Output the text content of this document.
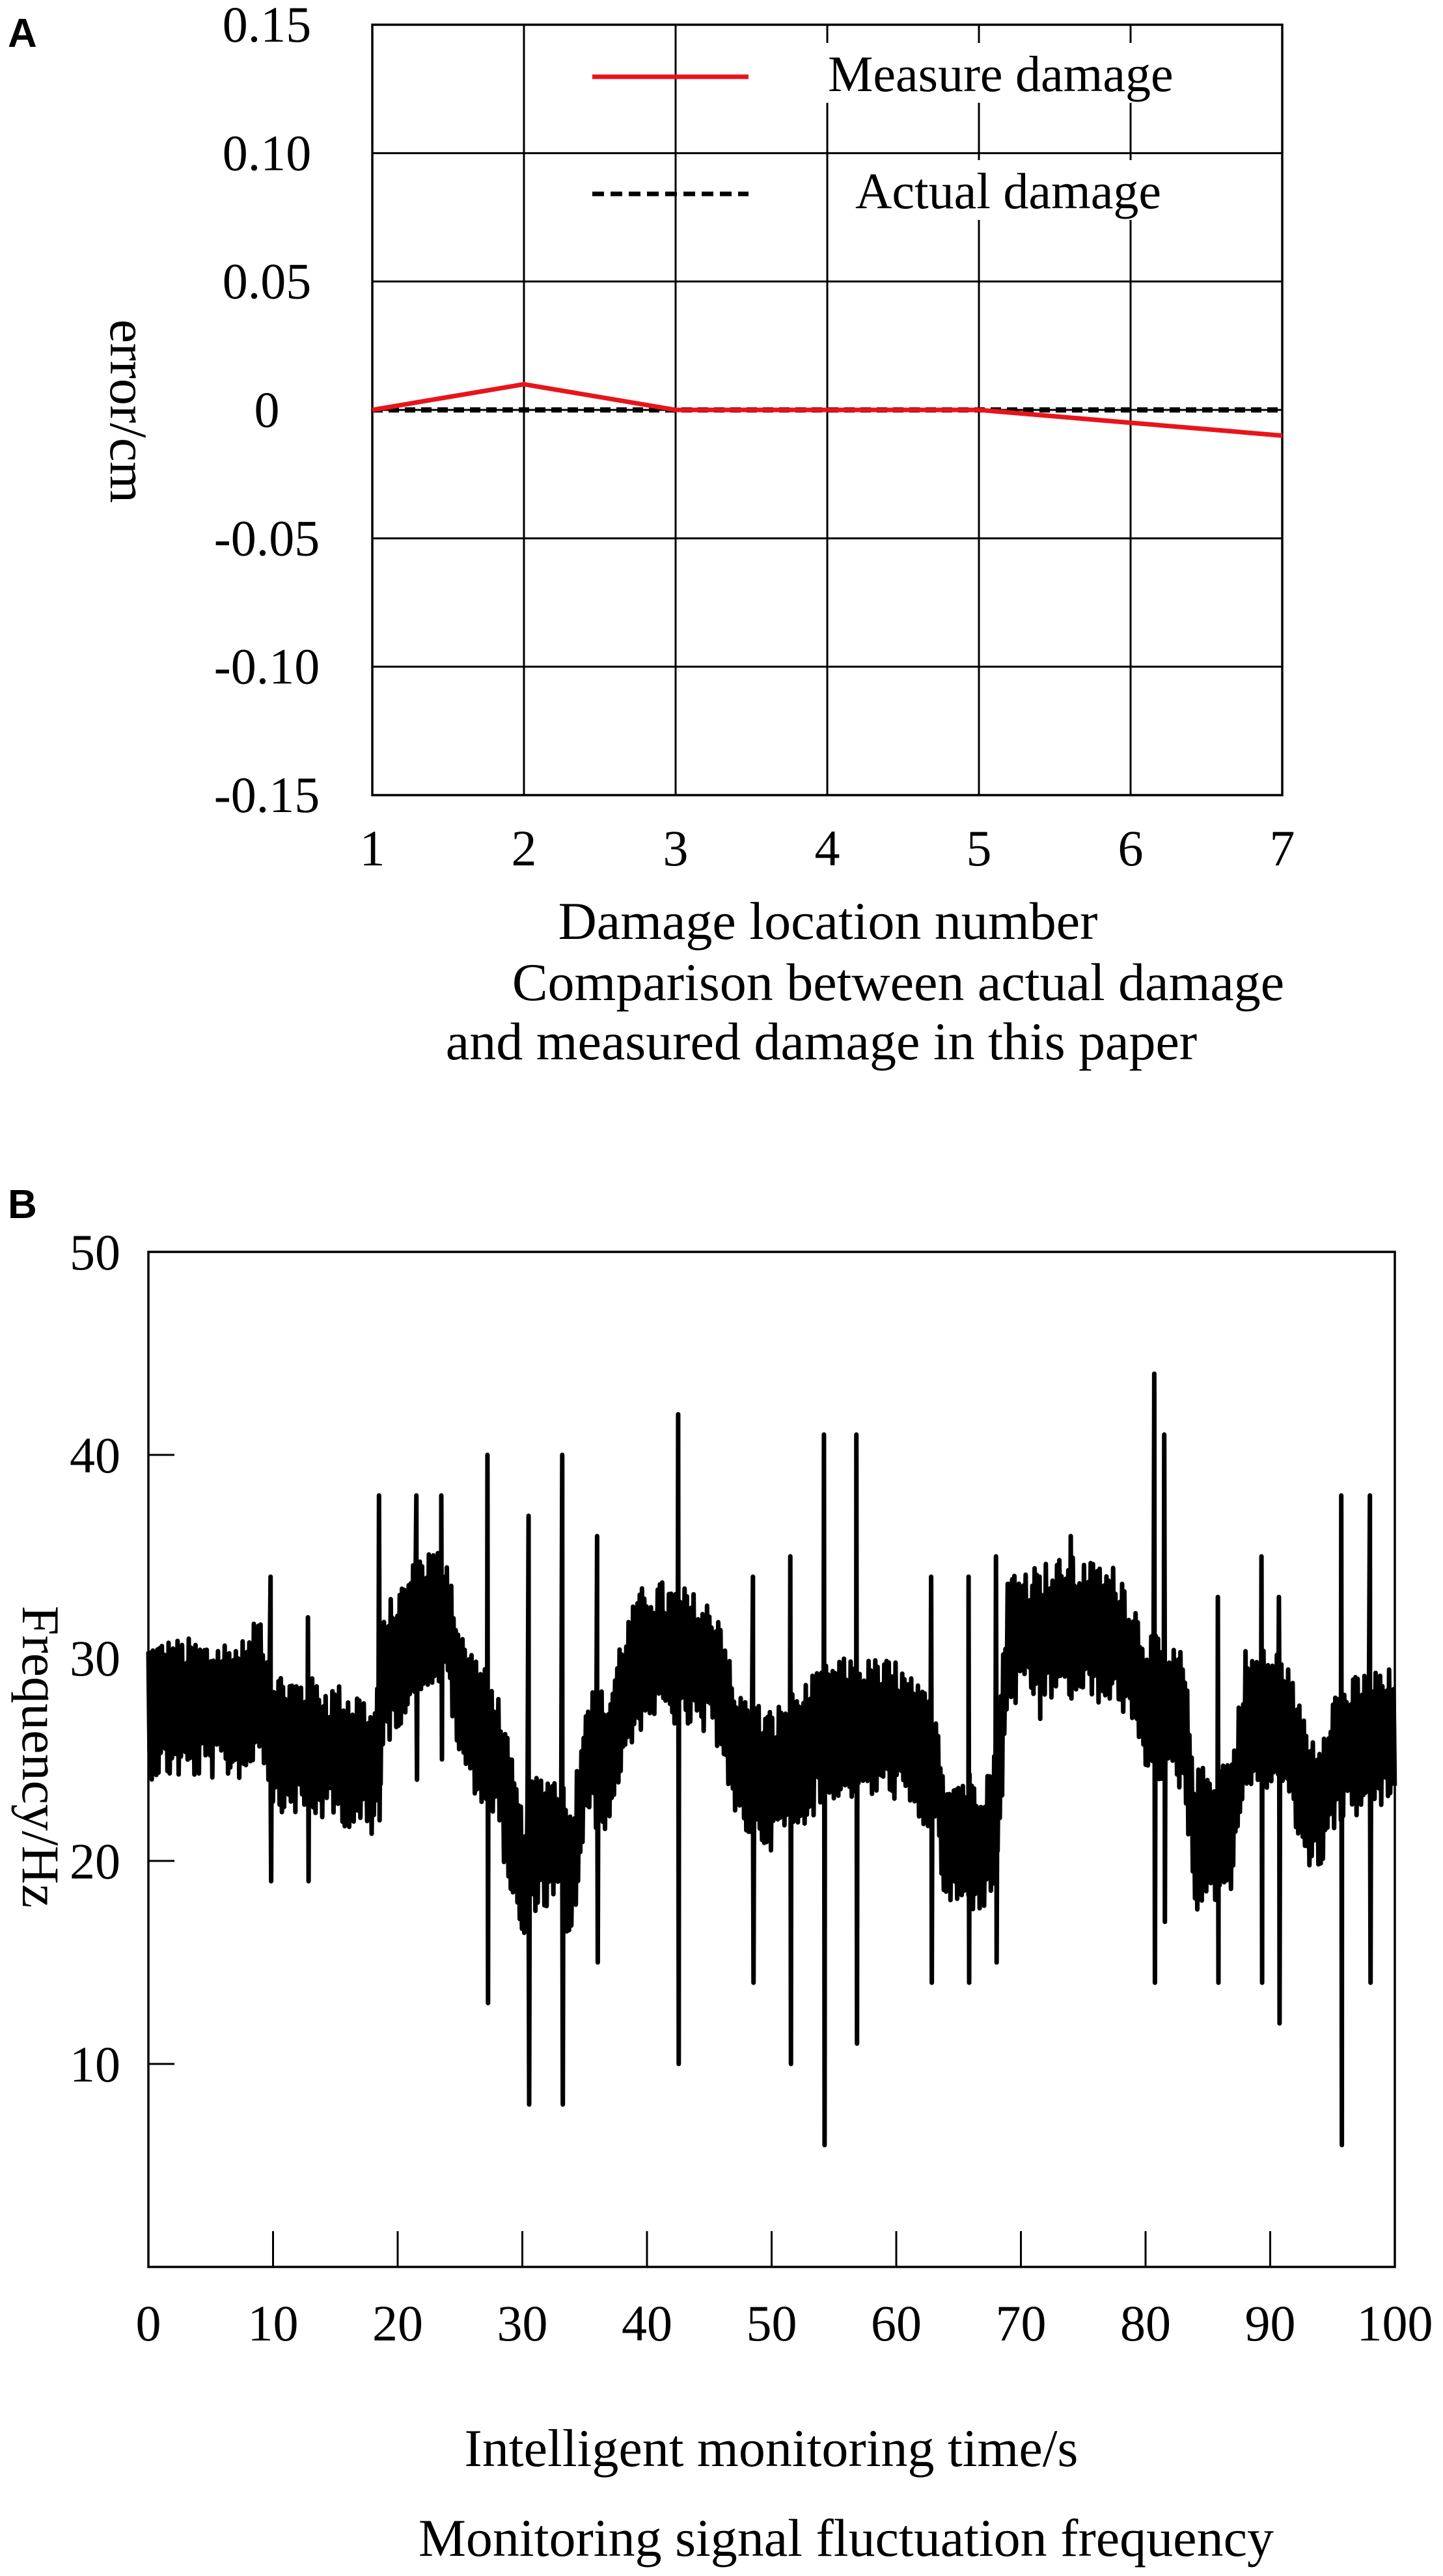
A	0.15
0.10
0.05
0
-0.05
-0.10
-0.15
1 2 3 4 5 6 7
error/cm
Damage location number
Comparison between actual damage
and measured damage in this paper
Measure damage
Actual damage
B
50
40
30
20
10
0 10 20 30 40 50 60 70 80 90 100
Frequency/Hz
Intelligent monitoring time/s
Monitoring signal fluctuation frequency
